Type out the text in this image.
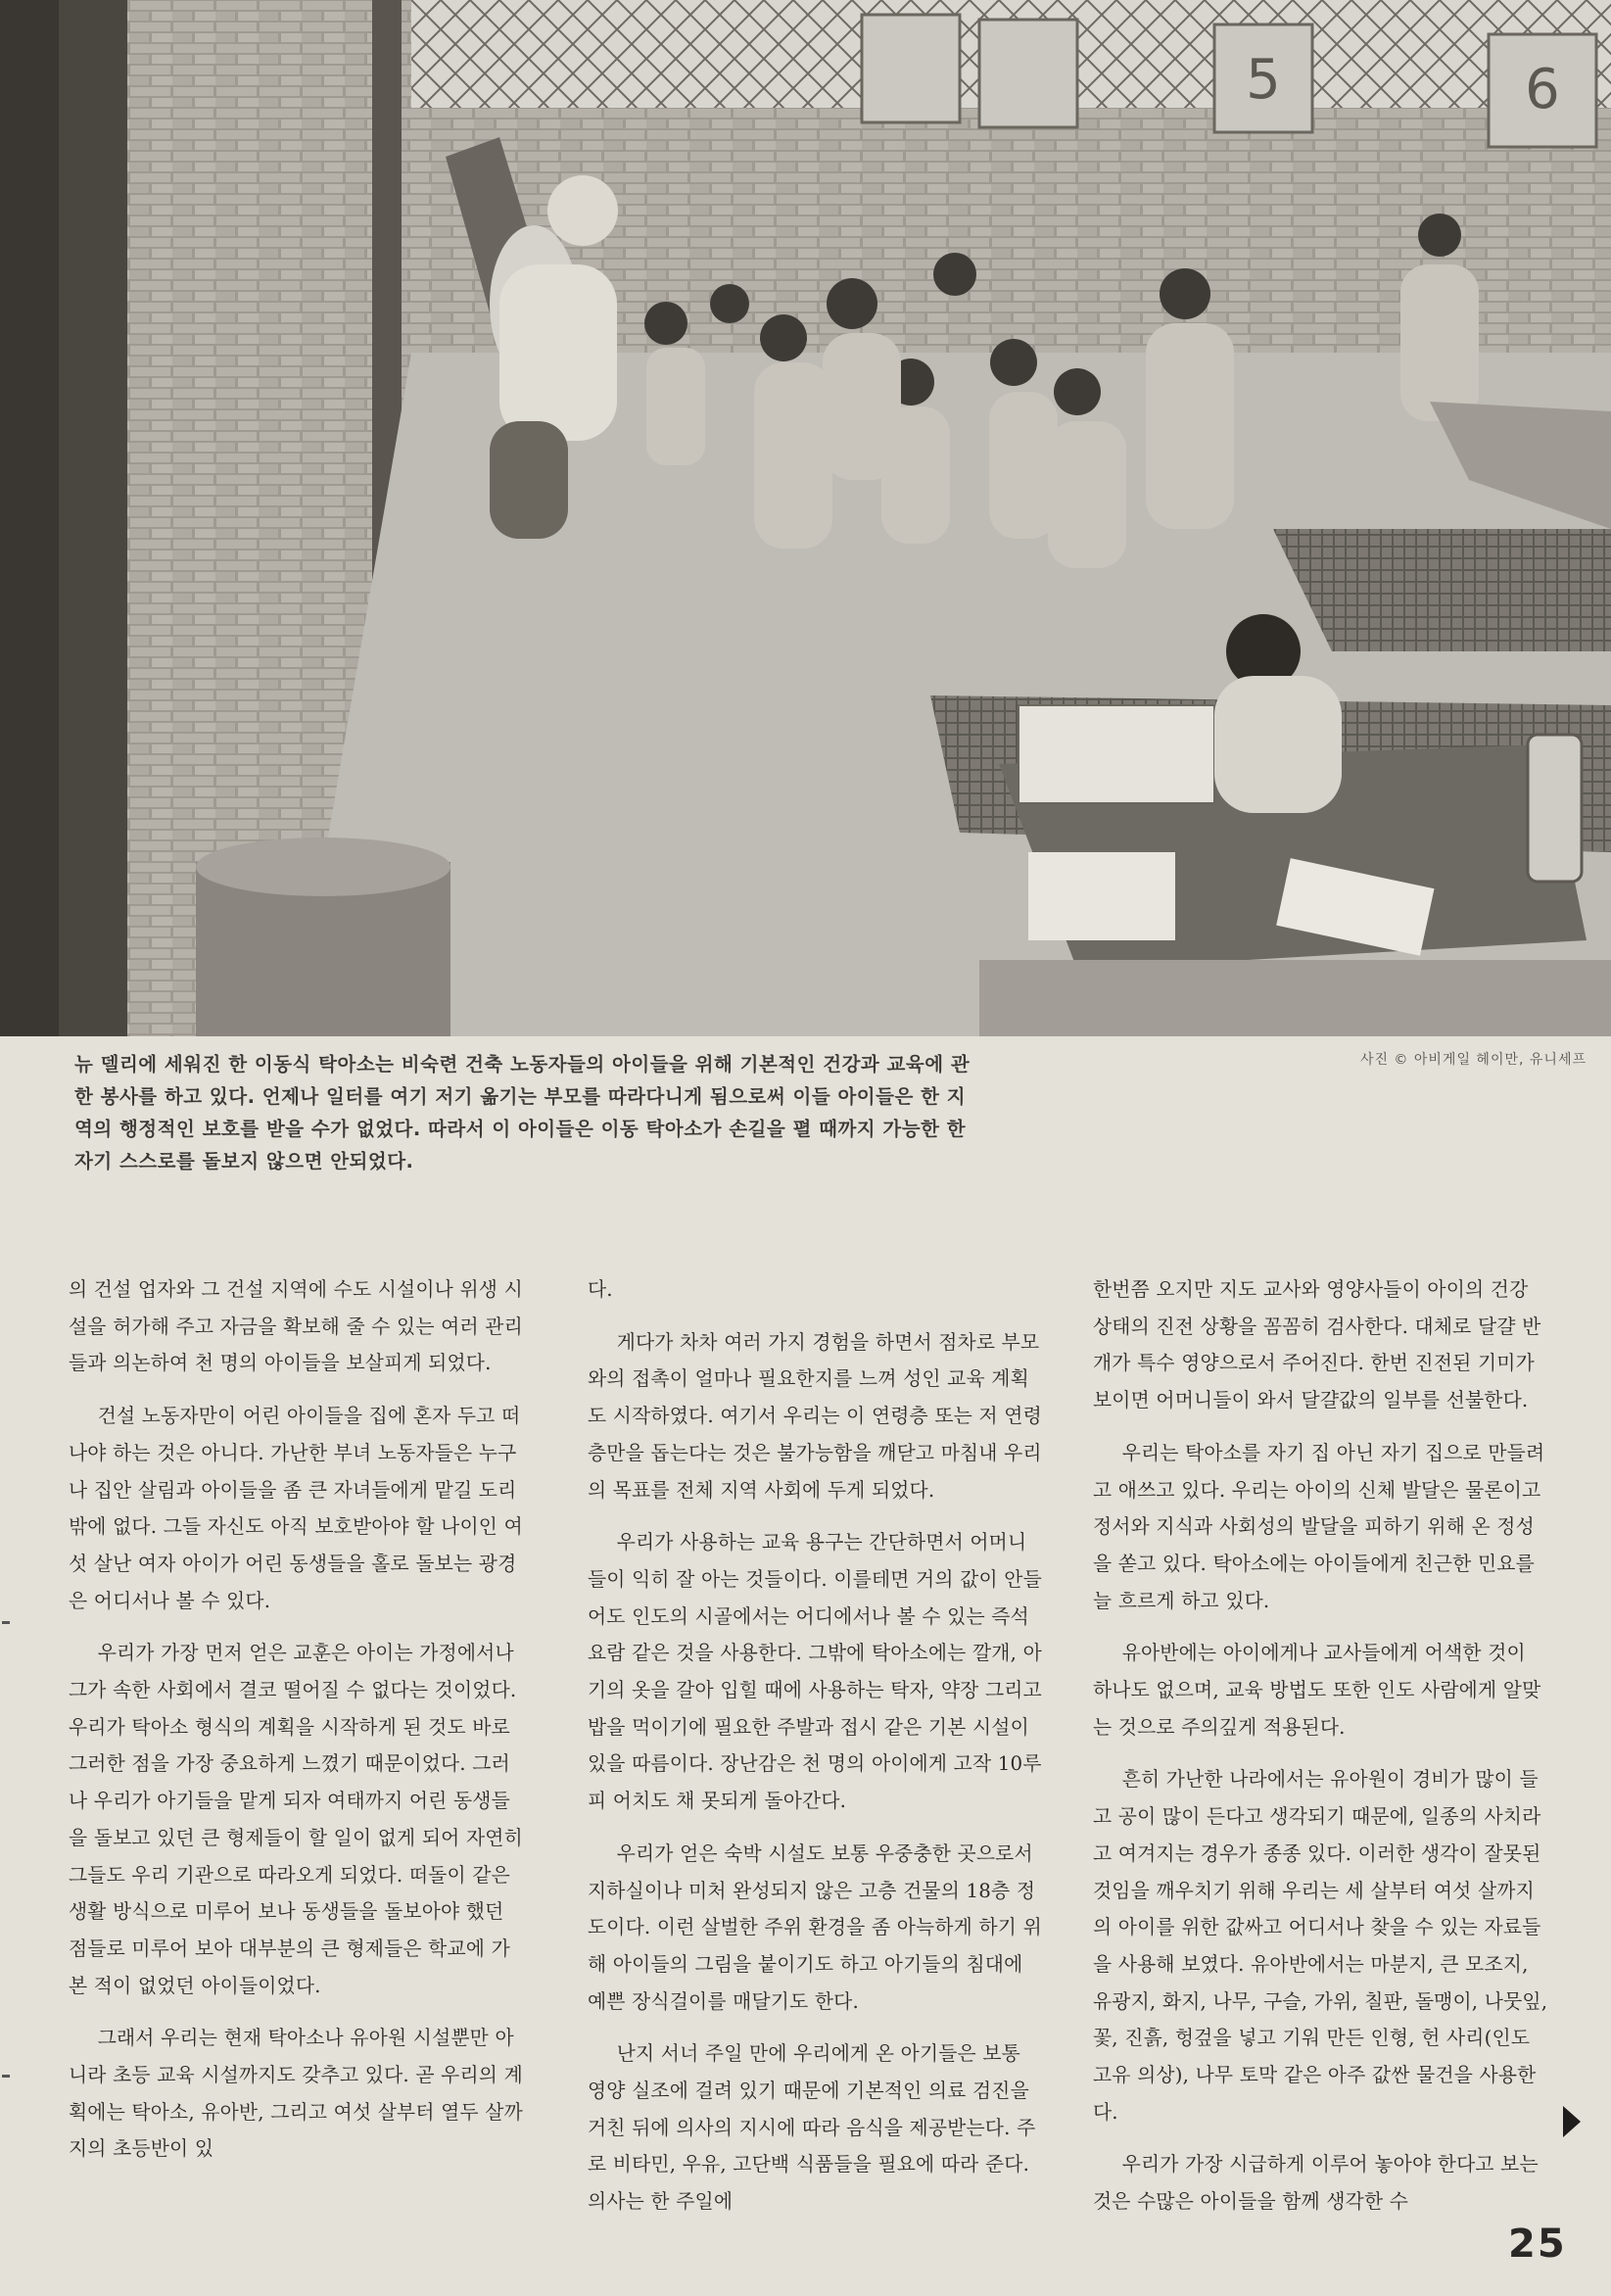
5	6
사진 © 아비게일 헤이만, 유니세프

뉴 델리에 세워진 한 이동식 탁아소는 비숙련 건축 노동자들의 아이들을 위해 기본적인 건강과 교육에 관

한 봉사를 하고 있다. 언제나 일터를 여기 저기 옮기는 부모를 따라다니게 됨으로써 이들 아이들은 한 지

역의 행정적인 보호를 받을 수가 없었다. 따라서 이 아이들은 이동 탁아소가 손길을 펼 때까지 가능한 한

자기 스스로를 돌보지 않으면 안되었다.

의 건설 업자와 그 건설 지역에 수도 시설이나 위생 시설을 허가해 주고 자금을 확보해 줄 수 있는 여러 관리들과 의논하여 천 명의 아이들을 보살피게 되었다.

건설 노동자만이 어린 아이들을 집에 혼자 두고 떠나야 하는 것은 아니다. 가난한 부녀 노동자들은 누구나 집안 살림과 아이들을 좀 큰 자녀들에게 맡길 도리 밖에 없다. 그들 자신도 아직 보호받아야 할 나이인 여섯 살난 여자 아이가 어린 동생들을 홀로 돌보는 광경은 어디서나 볼 수 있다.

우리가 가장 먼저 얻은 교훈은 아이는 가정에서나 그가 속한 사회에서 결코 떨어질 수 없다는 것이었다. 우리가 탁아소 형식의 계획을 시작하게 된 것도 바로 그러한 점을 가장 중요하게 느꼈기 때문이었다. 그러나 우리가 아기들을 맡게 되자 여태까지 어린 동생들을 돌보고 있던 큰 형제들이 할 일이 없게 되어 자연히 그들도 우리 기관으로 따라오게 되었다. 떠돌이 같은 생활 방식으로 미루어 보나 동생들을 돌보아야 했던 점들로 미루어 보아 대부분의 큰 형제들은 학교에 가본 적이 없었던 아이들이었다.

그래서 우리는 현재 탁아소나 유아원 시설뿐만 아니라 초등 교육 시설까지도 갖추고 있다. 곧 우리의 계획에는 탁아소, 유아반, 그리고 여섯 살부터 열두 살까지의 초등반이 있

다.

게다가 차차 여러 가지 경험을 하면서 점차로 부모와의 접촉이 얼마나 필요한지를 느껴 성인 교육 계획도 시작하였다. 여기서 우리는 이 연령층 또는 저 연령층만을 돕는다는 것은 불가능함을 깨닫고 마침내 우리의 목표를 전체 지역 사회에 두게 되었다.

우리가 사용하는 교육 용구는 간단하면서 어머니들이 익히 잘 아는 것들이다. 이를테면 거의 값이 안들어도 인도의 시골에서는 어디에서나 볼 수 있는 즉석 요람 같은 것을 사용한다. 그밖에 탁아소에는 깔개, 아기의 옷을 갈아 입힐 때에 사용하는 탁자, 약장 그리고 밥을 먹이기에 필요한 주발과 접시 같은 기본 시설이 있을 따름이다. 장난감은 천 명의 아이에게 고작 10루피 어치도 채 못되게 돌아간다.

우리가 얻은 숙박 시설도 보통 우중충한 곳으로서 지하실이나 미처 완성되지 않은 고층 건물의 18층 정도이다. 이런 살벌한 주위 환경을 좀 아늑하게 하기 위해 아이들의 그림을 붙이기도 하고 아기들의 침대에 예쁜 장식걸이를 매달기도 한다.

난지 서너 주일 만에 우리에게 온 아기들은 보통 영양 실조에 걸려 있기 때문에 기본적인 의료 검진을 거친 뒤에 의사의 지시에 따라 음식을 제공받는다. 주로 비타민, 우유, 고단백 식품들을 필요에 따라 준다. 의사는 한 주일에

한번쯤 오지만 지도 교사와 영양사들이 아이의 건강 상태의 진전 상황을 꼼꼼히 검사한다. 대체로 달걀 반 개가 특수 영양으로서 주어진다. 한번 진전된 기미가 보이면 어머니들이 와서 달걀값의 일부를 선불한다.

우리는 탁아소를 자기 집 아닌 자기 집으로 만들려고 애쓰고 있다. 우리는 아이의 신체 발달은 물론이고 정서와 지식과 사회성의 발달을 피하기 위해 온 정성을 쏟고 있다. 탁아소에는 아이들에게 친근한 민요를 늘 흐르게 하고 있다.

유아반에는 아이에게나 교사들에게 어색한 것이 하나도 없으며, 교육 방법도 또한 인도 사람에게 알맞는 것으로 주의깊게 적용된다.

흔히 가난한 나라에서는 유아원이 경비가 많이 들고 공이 많이 든다고 생각되기 때문에, 일종의 사치라고 여겨지는 경우가 종종 있다. 이러한 생각이 잘못된 것임을 깨우치기 위해 우리는 세 살부터 여섯 살까지의 아이를 위한 값싸고 어디서나 찾을 수 있는 자료들을 사용해 보였다. 유아반에서는 마분지, 큰 모조지, 유광지, 화지, 나무, 구슬, 가위, 칠판, 돌맹이, 나뭇잎, 꽃, 진흙, 헝겊을 넣고 기워 만든 인형, 헌 사리(인도 고유 의상), 나무 토막 같은 아주 값싼 물건을 사용한다.

우리가 가장 시급하게 이루어 놓아야 한다고 보는 것은 수많은 아이들을 함께 생각한 수

25
